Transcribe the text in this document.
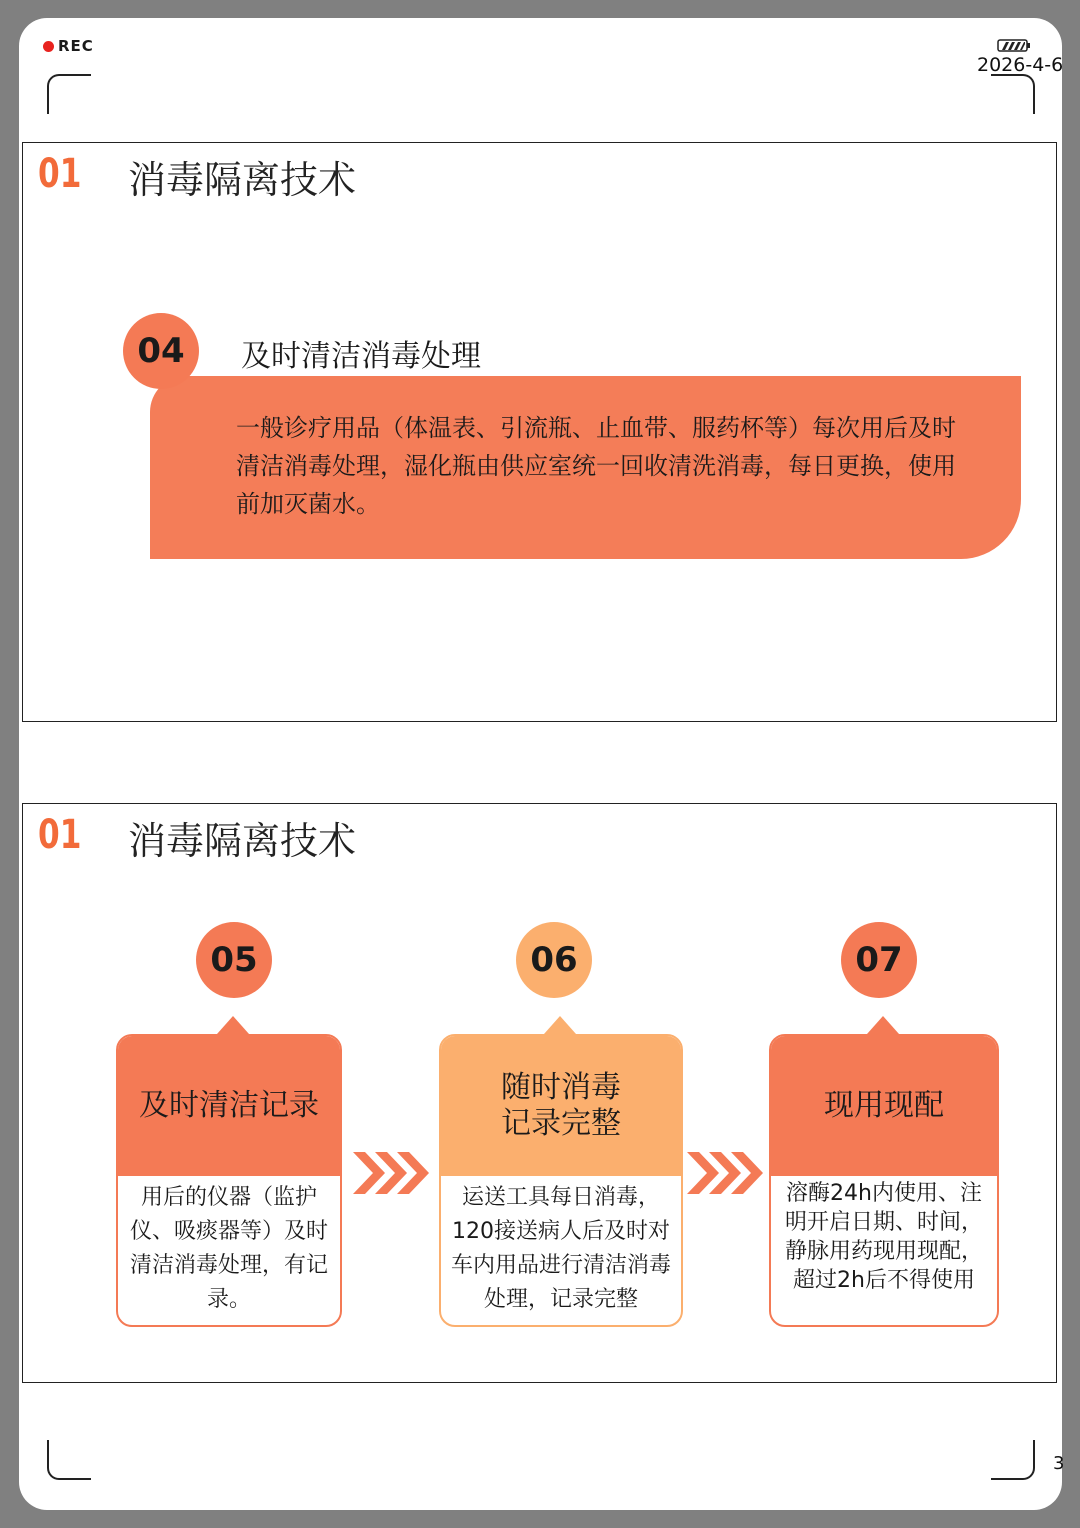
REC
2026-4-6
3
01 消毒隔离技术
04	及时清洁消毒处理
一般诊疗用品（体温表、引流瓶、止血带、服药杯等）每次用后及时清洁消毒处理，湿化瓶由供应室统一回收清洗消毒，每日更换，使用前加灭菌水。
01 消毒隔离技术
05
及时清洁记录
用后的仪器（监护仪、吸痰器等）及时清洁消毒处理，有记录。
06
随时消毒
记录完整
运送工具每日消毒，120接送病人后及时对车内用品进行清洁消毒处理，记录完整
07
现用现配
溶酶24h内使用、注明开启日期、时间，静脉用药现用现配，超过2h后不得使用
